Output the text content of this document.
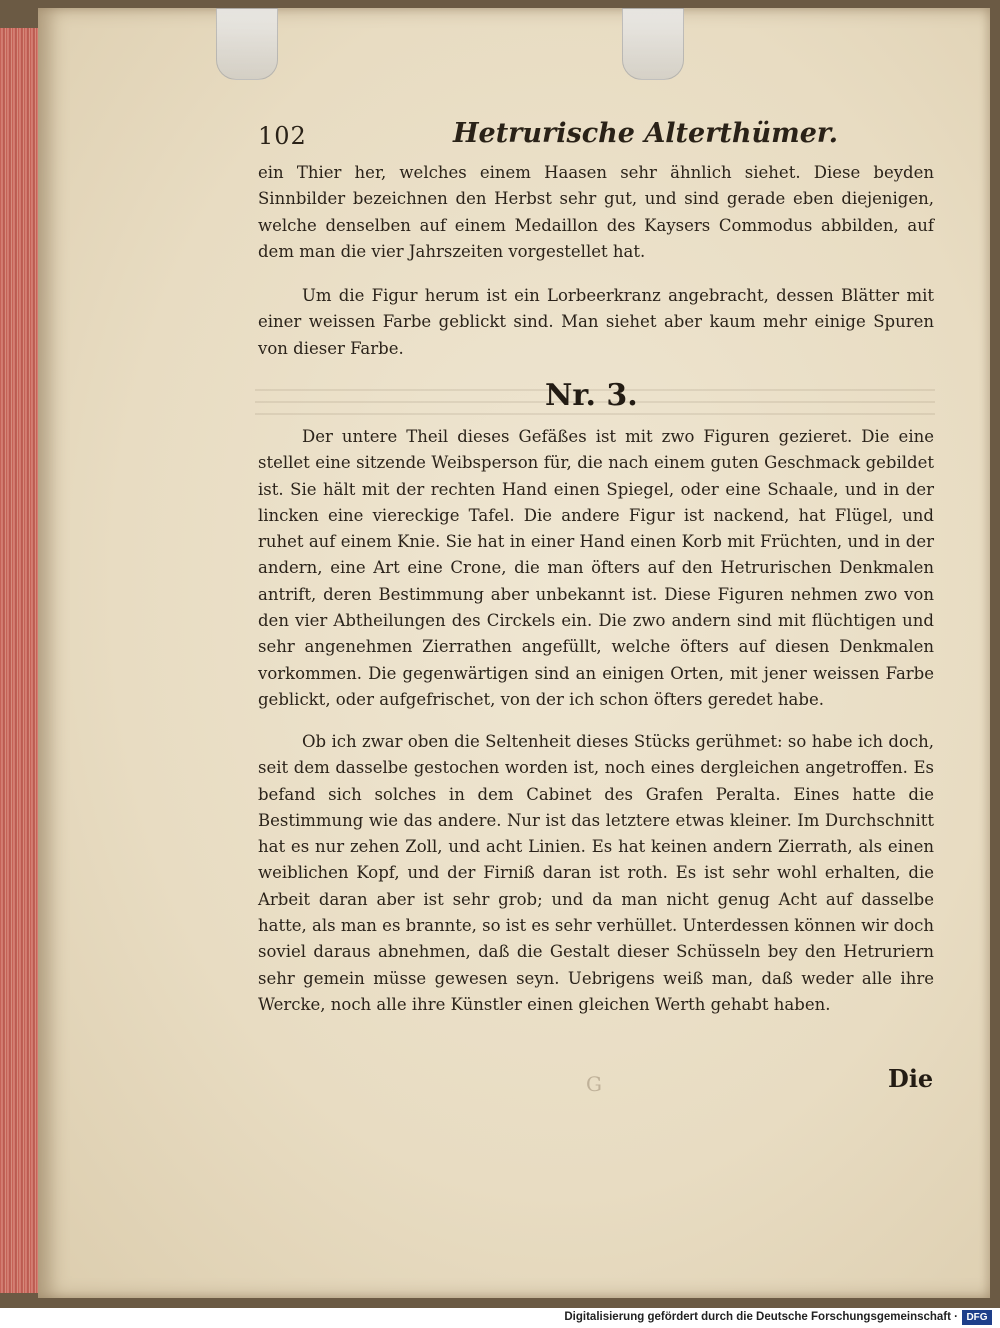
102	Hetrurische Alterthümer.

ein Thier her, welches einem Haasen sehr ähnlich siehet. Diese beyden Sinnbilder bezeichnen den Herbst sehr gut, und sind gerade eben diejenigen, welche denselben auf einem Medaillon des Kaysers Commodus abbilden, auf dem man die vier Jahrszeiten vorgestellet hat.

Um die Figur herum ist ein Lorbeerkranz angebracht, dessen Blätter mit einer weissen Farbe geblickt sind. Man siehet aber kaum mehr einige Spuren von dieser Farbe.

Nr. 3.

Der untere Theil dieses Gefäßes ist mit zwo Figuren gezieret. Die eine stellet eine sitzende Weibsperson für, die nach einem guten Geschmack gebildet ist. Sie hält mit der rechten Hand einen Spiegel, oder eine Schaale, und in der lincken eine viereckige Tafel. Die andere Figur ist nackend, hat Flügel, und ruhet auf einem Knie. Sie hat in einer Hand einen Korb mit Früchten, und in der andern, eine Art eine Crone, die man öfters auf den Hetrurischen Denkmalen antrift, deren Bestimmung aber unbekannt ist. Diese Figuren nehmen zwo von den vier Abtheilungen des Circkels ein. Die zwo andern sind mit flüchtigen und sehr angenehmen Zierrathen angefüllt, welche öfters auf diesen Denkmalen vorkommen. Die gegenwärtigen sind an einigen Orten, mit jener weissen Farbe geblickt, oder aufgefrischet, von der ich schon öfters geredet habe.

Ob ich zwar oben die Seltenheit dieses Stücks gerühmet: so habe ich doch, seit dem dasselbe gestochen worden ist, noch eines dergleichen angetroffen. Es befand sich solches in dem Cabinet des Grafen Peralta. Eines hatte die Bestimmung wie das andere. Nur ist das letztere etwas kleiner. Im Durchschnitt hat es nur zehen Zoll, und acht Linien. Es hat keinen andern Zierrath, als einen weiblichen Kopf, und der Firniß daran ist roth. Es ist sehr wohl erhalten, die Arbeit daran aber ist sehr grob; und da man nicht genug Acht auf dasselbe hatte, als man es brannte, so ist es sehr verhüllet. Unterdessen können wir doch soviel daraus abnehmen, daß die Gestalt dieser Schüsseln bey den Hetruriern sehr gemein müsse gewesen seyn. Uebrigens weiß man, daß weder alle ihre Wercke, noch alle ihre Künstler einen gleichen Werth gehabt haben.

G	Die
Digitalisierung gefördert durch die Deutsche Forschungsgemeinschaft · DFG
